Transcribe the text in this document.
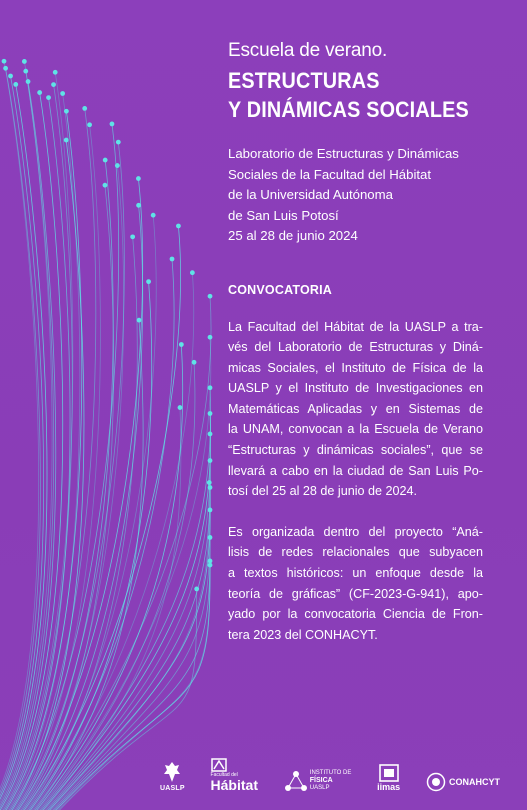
Escuela de verano.
ESTRUCTURAS
Y DINÁMICAS SOCIALES
Laboratorio de Estructuras y Dinámicas
Sociales de la Facultad del Hábitat
de la Universidad Autónoma
de San Luis Potosí
25 al 28 de junio 2024
CONVOCATORIA
La Facultad del Hábitat de la UASLP a tra-
vés del Laboratorio de Estructuras y Diná-
micas Sociales, el Instituto de Física de la
UASLP y el Instituto de Investigaciones en
Matemáticas Aplicadas y en Sistemas de
la UNAM, convocan a la Escuela de Verano
“Estructuras y dinámicas sociales”, que se
llevará a cabo en la ciudad de San Luis Po-
tosí del 25 al 28 de junio de 2024.
Es organizada dentro del proyecto “Aná-
lisis de redes relacionales que subyacen
a textos históricos: un enfoque desde la
teoría de gráficas” (CF-2023-G-941), apo-
yado por la convocatoria Ciencia de Fron-
tera 2023 del CONHACYT.
UASLP
Facultad del
Hábitat
INSTITUTO DE
FÍSICA
UASLP	iimas	CONAHCYT
